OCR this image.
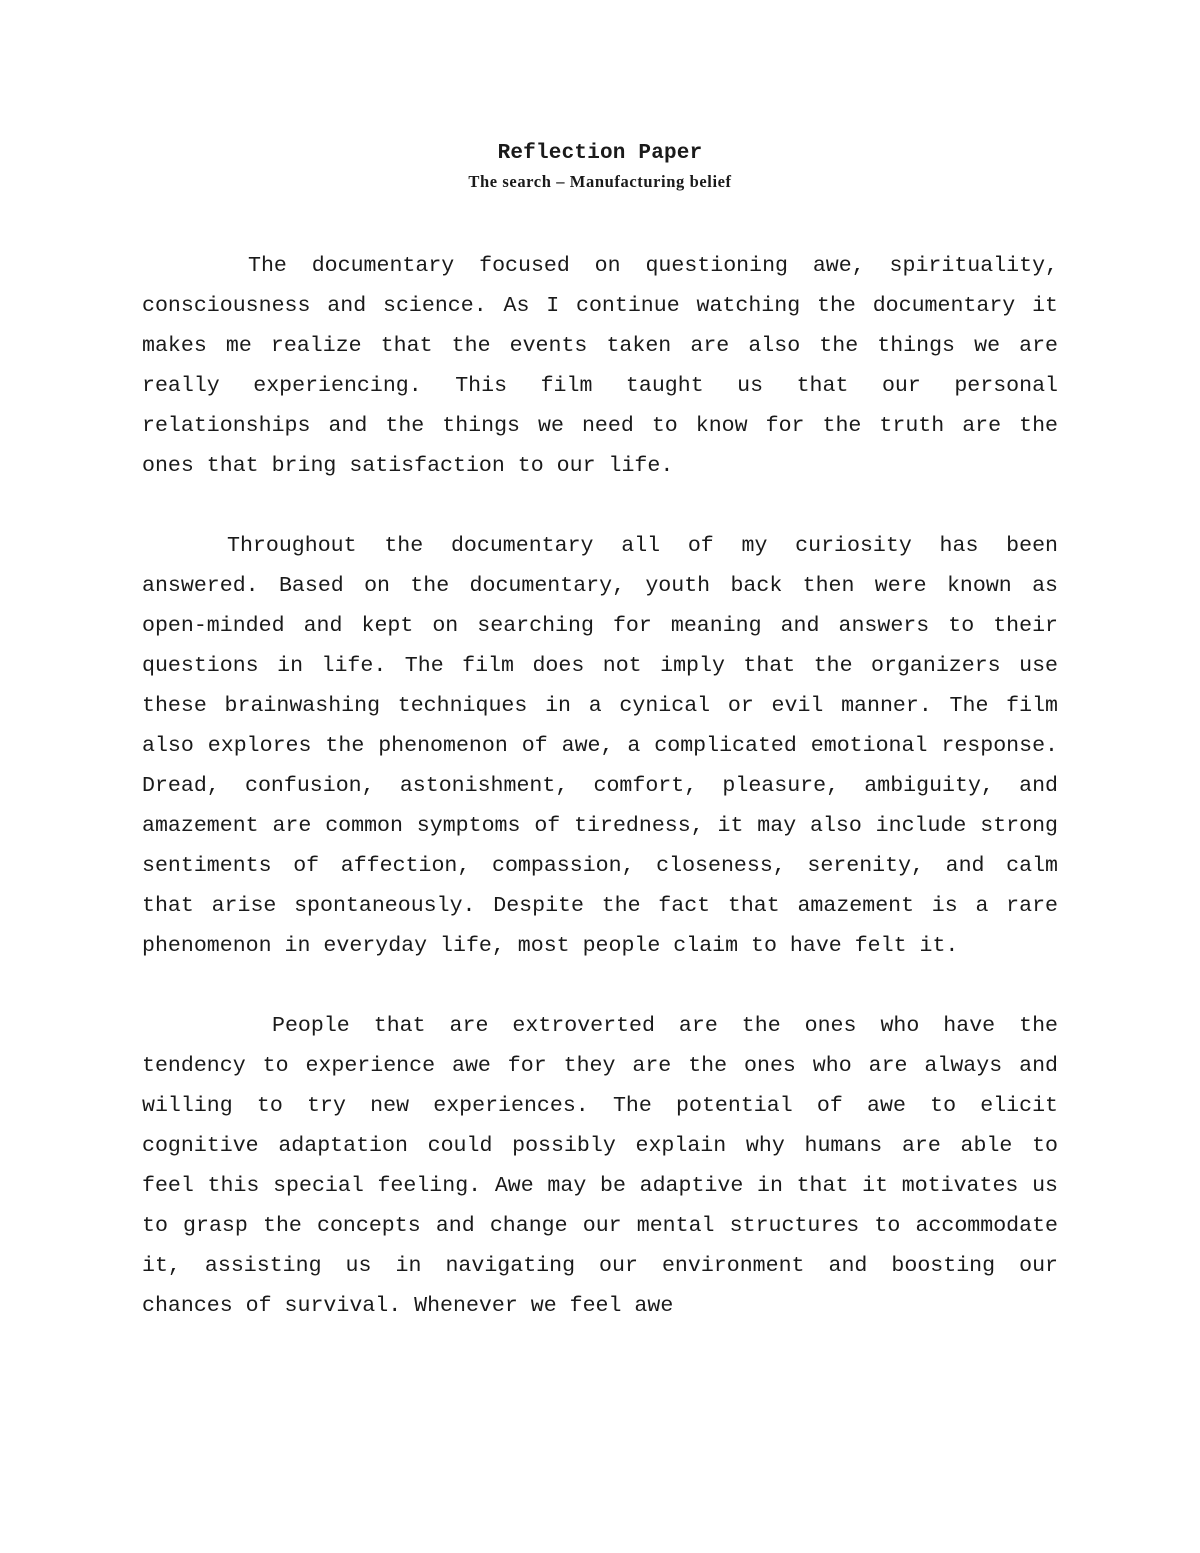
Reflection Paper
The search – Manufacturing belief

The documentary focused on questioning awe, spirituality, consciousness and science. As I continue watching the documentary it makes me realize that the events taken are also the things we are really experiencing. This film taught us that our personal relationships and the things we need to know for the truth are the ones that bring satisfaction to our life.

Throughout the documentary all of my curiosity has been answered. Based on the documentary, youth back then were known as open-minded and kept on searching for meaning and answers to their questions in life. The film does not imply that the organizers use these brainwashing techniques in a cynical or evil manner. The film also explores the phenomenon of awe, a complicated emotional response. Dread, confusion, astonishment, comfort, pleasure, ambiguity, and amazement are common symptoms of tiredness, it may also include strong sentiments of affection, compassion, closeness, serenity, and calm that arise spontaneously. Despite the fact that amazement is a rare phenomenon in everyday life, most people claim to have felt it.

People that are extroverted are the ones who have the tendency to experience awe for they are the ones who are always and willing to try new experiences. The potential of awe to elicit cognitive adaptation could possibly explain why humans are able to feel this special feeling. Awe may be adaptive in that it motivates us to grasp the concepts and change our mental structures to accommodate it, assisting us in navigating our environment and boosting our chances of survival. Whenever we feel awe
